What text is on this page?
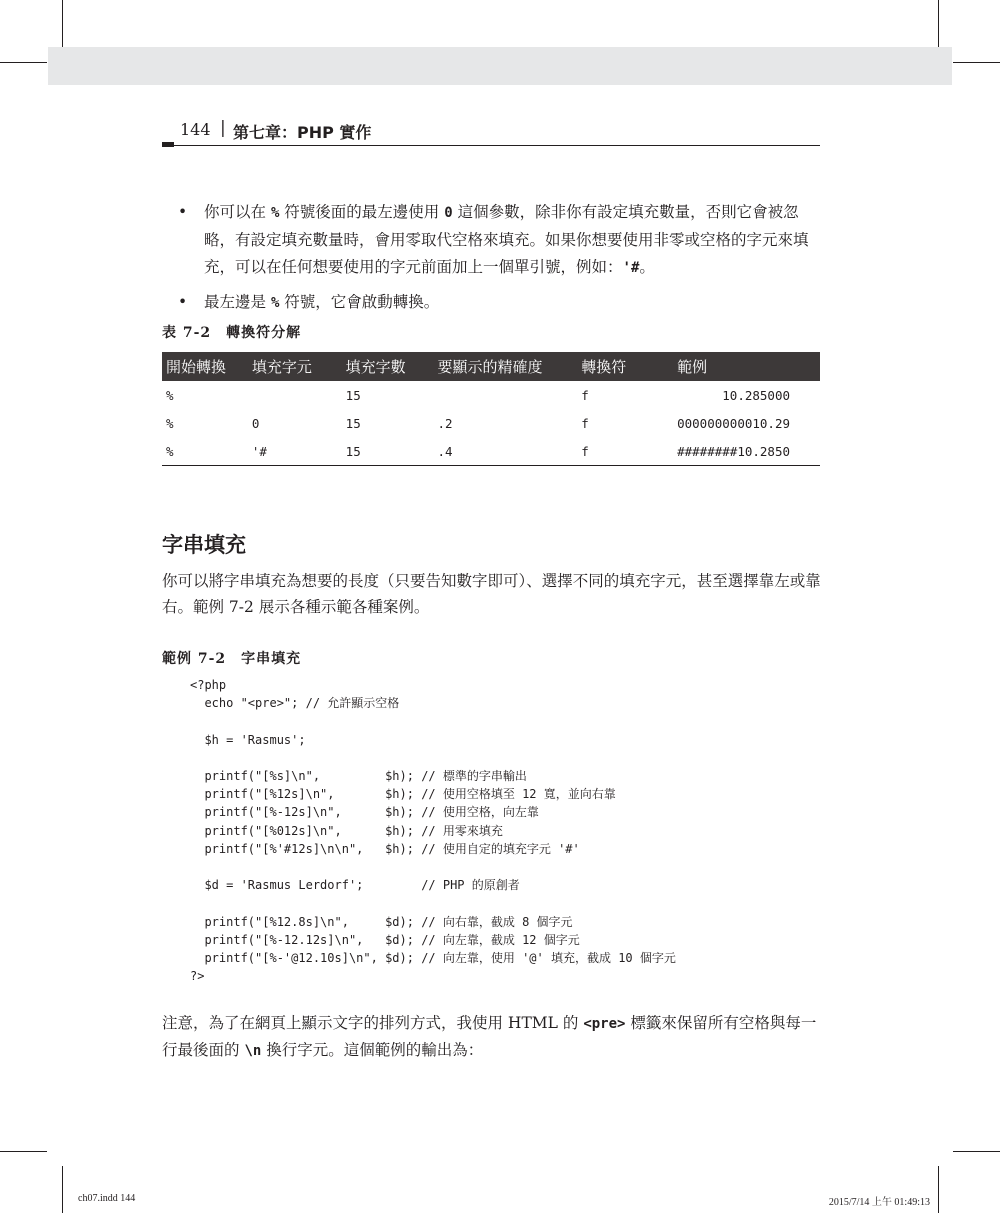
144 | 第七章：PHP 實作
• 你可以在 % 符號後面的最左邊使用 0 這個參數，除非你有設定填充數量，否則它會被忽略，有設定填充數量時，會用零取代空格來填充。如果你想要使用非零或空格的字元來填充，可以在任何想要使用的字元前面加上一個單引號，例如：'#。
• 最左邊是 % 符號，它會啟動轉換。
表 7-2　轉換符分解
開始轉換	填充字元	填充字數	要顯示的精確度	轉換符	範例
%		15		f	10.285000
%	0	15	.2	f	000000000010.29
%	'#	15	.4	f	########10.2850
字串填充
你可以將字串填充為想要的長度（只要告知數字即可）、選擇不同的填充字元，甚至選擇靠左或靠右。範例 7-2 展示各種示範各種案例。
範例 7-2　字串填充
<?php
echo "<pre>"; // 允許顯示空格

$h = 'Rasmus';

printf("[%s]\n",         $h); // 標準的字串輸出
printf("[%12s]\n",       $h); // 使用空格填至 12 寬，並向右靠
printf("[%-12s]\n",      $h); // 使用空格，向左靠
printf("[%012s]\n",      $h); // 用零來填充
printf("[%'#12s]\n\n",   $h); // 使用自定的填充字元 '#'

$d = 'Rasmus Lerdorf';        // PHP 的原創者

printf("[%12.8s]\n",     $d); // 向右靠，截成 8 個字元
printf("[%-12.12s]\n",   $d); // 向左靠，截成 12 個字元
printf("[%-'@12.10s]\n", $d); // 向左靠，使用 '@' 填充，截成 10 個字元
?>
注意，為了在網頁上顯示文字的排列方式，我使用 HTML 的 <pre> 標籤來保留所有空格與每一行最後面的 \n 換行字元。這個範例的輸出為：
ch07.indd 144	2015/7/14 上午 01:49:13
